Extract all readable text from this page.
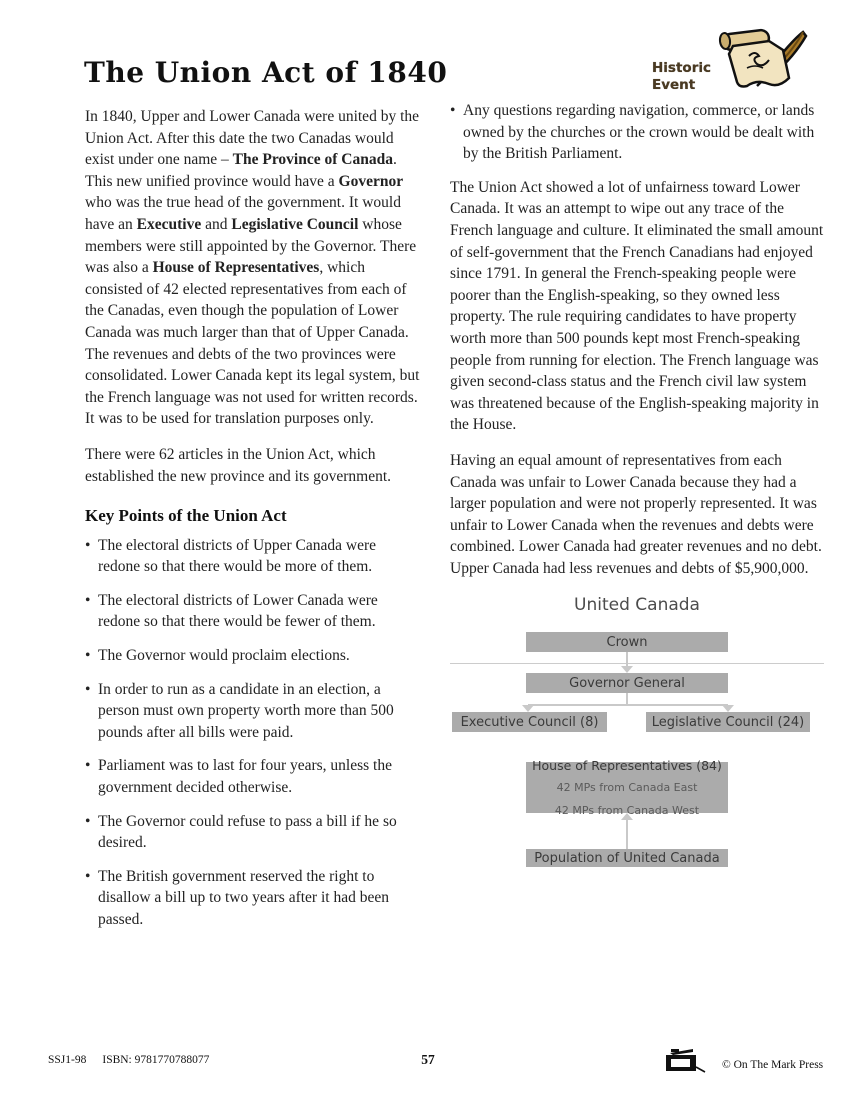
The Union Act of 1840	Historic
Event

In 1840, Upper and Lower Canada were united by the Union Act. After this date the two Canadas would exist under one name – The Province of Canada. This new unified province would have a Governor who was the true head of the government. It would have an Executive and Legislative Council whose members were still appointed by the Governor. There was also a House of Representatives, which consisted of 42 elected representatives from each of the Canadas, even though the population of Lower Canada was much larger than that of Upper Canada. The revenues and debts of the two provinces were consolidated. Lower Canada kept its legal system, but the French language was not used for written records. It was to be used for translation purposes only.

There were 62 articles in the Union Act, which established the new province and its government.

Key Points of the Union Act
• The electoral districts of Upper Canada were redone so that there would be more of them.
• The electoral districts of Lower Canada were redone so that there would be fewer of them.
• The Governor would proclaim elections.
• In order to run as a candidate in an election, a person must own property worth more than 500 pounds after all bills were paid.
• Parliament was to last for four years, unless the government decided otherwise.
• The Governor could refuse to pass a bill if he so desired.
• The British government reserved the right to disallow a bill up to two years after it had been passed.
• Any questions regarding navigation, commerce, or lands owned by the churches or the crown would be dealt with by the British Parliament.

The Union Act showed a lot of unfairness toward Lower Canada. It was an attempt to wipe out any trace of the French language and culture. It eliminated the small amount of self-government that the French Canadians had enjoyed since 1791. In general the French-speaking people were poorer than the English-speaking, so they owned less property. The rule requiring candidates to have property worth more than 500 pounds kept most French-speaking people from running for election. The French language was given second-class status and the French civil law system was threatened because of the English-speaking majority in the House.

Having an equal amount of representatives from each Canada was unfair to Lower Canada because they had a larger population and were not properly represented. It was unfair to Lower Canada when the revenues and debts were combined. Lower Canada had greater revenues and no debt. Upper Canada had less revenues and debts of $5,900,000.

United Canada
Crown
Governor General
Executive Council (8)	Legislative Council (24)
House of Representatives (84)
42 MPs from Canada East
42 MPs from Canada West
Population of United Canada
SSJ1-98 ISBN: 9781770788077	57	© On The Mark Press
